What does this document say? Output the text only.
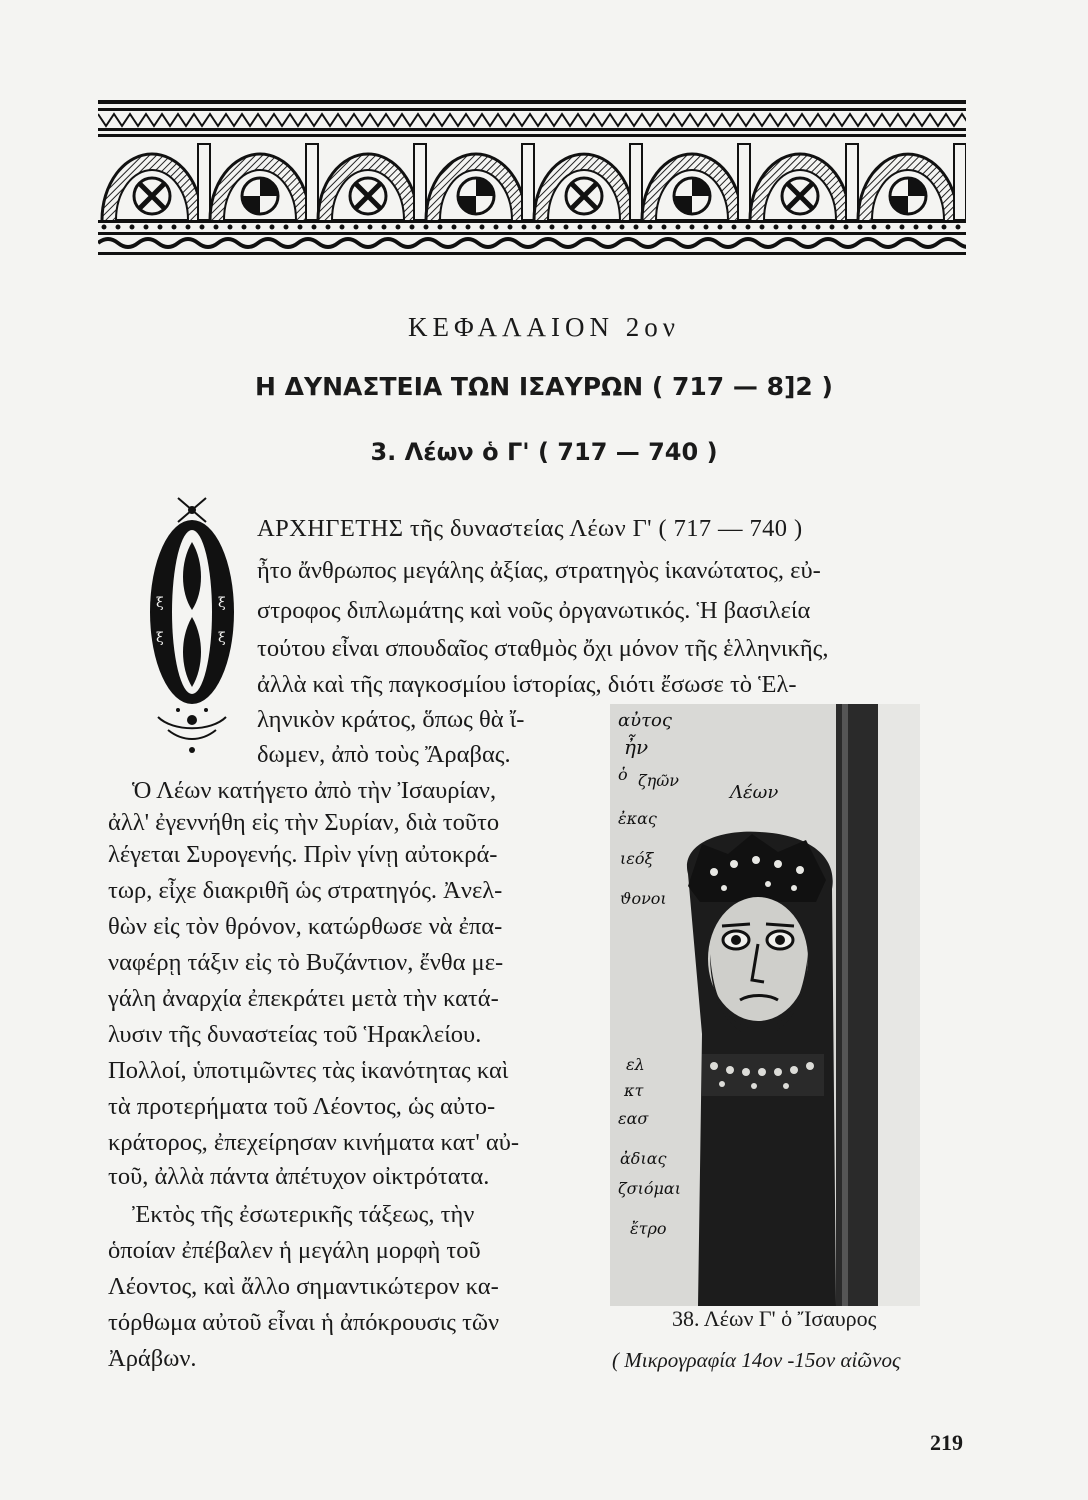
ΚΕΦΑΛΑΙΟΝ 2ον
Η ΔΥΝΑΣΤΕΙΑ ΤΩΝ ΙΣΑΥΡΩΝ ( 717 — 8]2 )
3. Λέων ὁ Γ' ( 717 — 740 )
ξ	ξ
ξ	ξ
ΑΡΧΗΓΕΤΗΣ τῆς δυναστείας Λέων Γ' ( 717 — 740 )
ἦτο ἄνθρωπος μεγάλης ἀξίας, στρατηγὸς ἱκανώτατος, εὐ-
στροφος διπλωμάτης καὶ νοῦς ὀργανωτικός. Ἡ βασιλεία
τούτου εἶναι σπουδαῖος σταθμὸς ὄχι μόνον τῆς ἑλληνικῆς,
ἀλλὰ καὶ τῆς παγκοσμίου ἱστορίας, διότι ἔσωσε τὸ Ἑλ-
ληνικὸν κράτος, ὅπως θὰ ἴ-
δωμεν, ἀπὸ τοὺς Ἄραβας.
Ὁ Λέων κατήγετο ἀπὸ τὴν Ἰσαυρίαν,
ἀλλ' ἐγεννήθη εἰς τὴν Συρίαν, διὰ τοῦτο
λέγεται Συρογενής. Πρὶν γίνῃ αὐτοκρά-
τωρ, εἶχε διακριθῆ ὡς στρατηγός. Ἀνελ-
θὼν εἰς τὸν θρόνον, κατώρθωσε νὰ ἐπα-
ναφέρῃ τάξιν εἰς τὸ Βυζάντιον, ἔνθα με-
γάλη ἀναρχία ἐπεκράτει μετὰ τὴν κατά-
λυσιν τῆς δυναστείας τοῦ Ἡρακλείου.
Πολλοί, ὑποτιμῶντες τὰς ἱκανότητας καὶ
τὰ προτερήματα τοῦ Λέοντος, ὡς αὐτο-
κράτορος, ἐπεχείρησαν κινήματα κατ' αὐ-
τοῦ, ἀλλὰ πάντα ἀπέτυχον οἰκτρότατα.
Ἐκτὸς τῆς ἐσωτερικῆς τάξεως, τὴν
ὁποίαν ἐπέβαλεν ἡ μεγάλη μορφὴ τοῦ
Λέοντος, καὶ ἄλλο σημαντικώτερον κα-
τόρθωμα αὐτοῦ εἶναι ἡ ἀπόκρουσις τῶν
Ἀράβων.
αὐτος
ἦν
Λέων
ὁ ζηῶν
ἐκας
ιεόξ
ϑονοι
κτ
ελ
εασ
ἀδιας
ζσιόμαι
ἔτρο
38. Λέων Γ' ὁ Ἴσαυρος
( Μικρογραφία 14ον -15ον αἰῶνος
219
